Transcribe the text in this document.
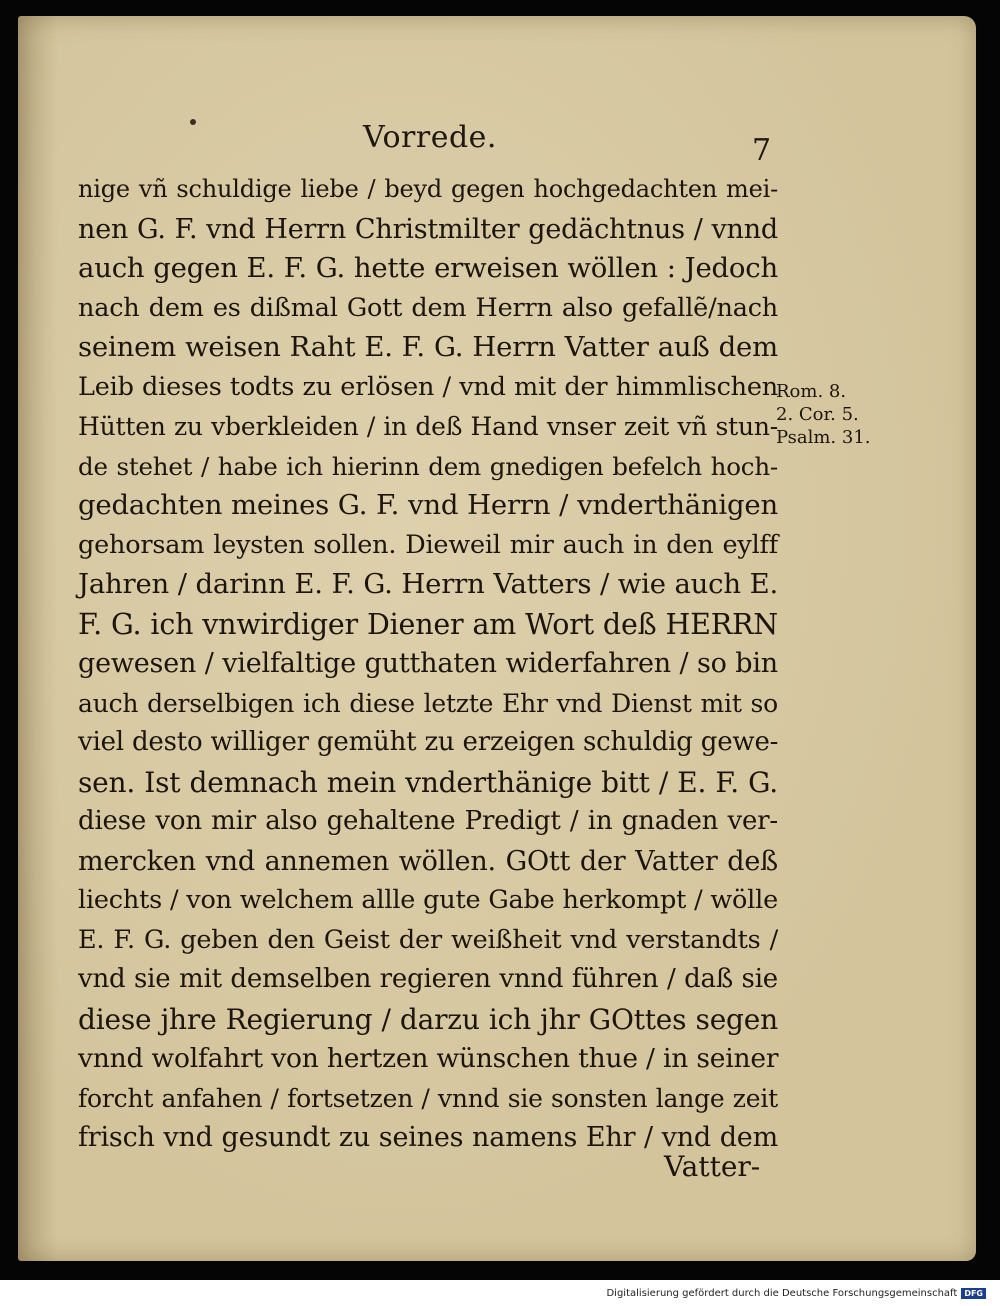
Vorrede.	7
nige vñ schuldige liebe / beyd gegen hochgedachten mei-
nen G. F. vnd Herrn Christmilter gedächtnus / vnnd
auch gegen E. F. G. hette erweisen wöllen : Jedoch
nach dem es dißmal Gott dem Herrn also gefallẽ/nach
seinem weisen Raht E. F. G. Herrn Vatter auß dem
Leib dieses todts zu erlösen / vnd mit der himmlischen
Hütten zu vberkleiden / in deß Hand vnser zeit vñ stun-
de stehet / habe ich hierinn dem gnedigen befelch hoch-
gedachten meines G. F. vnd Herrn / vnderthänigen
gehorsam leysten sollen. Dieweil mir auch in den eylff
Jahren / darinn E. F. G. Herrn Vatters / wie auch E.
F. G. ich vnwirdiger Diener am Wort deß HERRN
gewesen / vielfaltige gutthaten widerfahren / so bin
auch derselbigen ich diese letzte Ehr vnd Dienst mit so
viel desto williger gemüht zu erzeigen schuldig gewe-
sen. Ist demnach mein vnderthänige bitt / E. F. G.
diese von mir also gehaltene Predigt / in gnaden ver-
mercken vnd annemen wöllen. GOtt der Vatter deß
liechts / von welchem allle gute Gabe herkompt / wölle
E. F. G. geben den Geist der weißheit vnd verstandts /
vnd sie mit demselben regieren vnnd führen / daß sie
diese jhre Regierung / darzu ich jhr GOttes segen
vnnd wolfahrt von hertzen wünschen thue / in seiner
forcht anfahen / fortsetzen / vnnd sie sonsten lange zeit
frisch vnd gesundt zu seines namens Ehr / vnd dem
Rom. 8.
2. Cor. 5.
Psalm. 31.
Vatter-
Digitalisierung gefördert durch die Deutsche Forschungsgemeinschaft DFG
